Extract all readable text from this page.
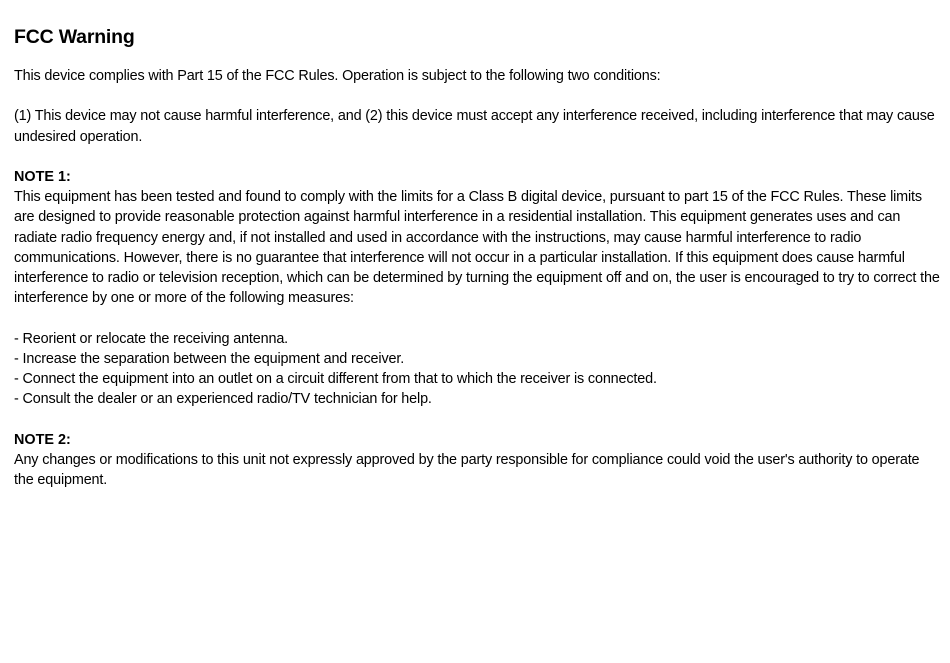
FCC Warning
This device complies with Part 15 of the FCC Rules. Operation is subject to the following two conditions:
(1) This device may not cause harmful interference, and (2) this device must accept any interference received, including interference that may cause undesired operation.
NOTE 1:
This equipment has been tested and found to comply with the limits for a Class B digital device, pursuant to part 15 of the FCC Rules. These limits are designed to provide reasonable protection against harmful interference in a residential installation. This equipment generates uses and can radiate radio frequency energy and, if not installed and used in accordance with the instructions, may cause harmful interference to radio communications. However, there is no guarantee that interference will not occur in a particular installation. If this equipment does cause harmful interference to radio or television reception, which can be determined by turning the equipment off and on, the user is encouraged to try to correct the interference by one or more of the following measures:
- Reorient or relocate the receiving antenna.
- Increase the separation between the equipment and receiver.
- Connect the equipment into an outlet on a circuit different from that to which the receiver is connected.
- Consult the dealer or an experienced radio/TV technician for help.
NOTE 2:
Any changes or modifications to this unit not expressly approved by the party responsible for compliance could void the user's authority to operate the equipment.
